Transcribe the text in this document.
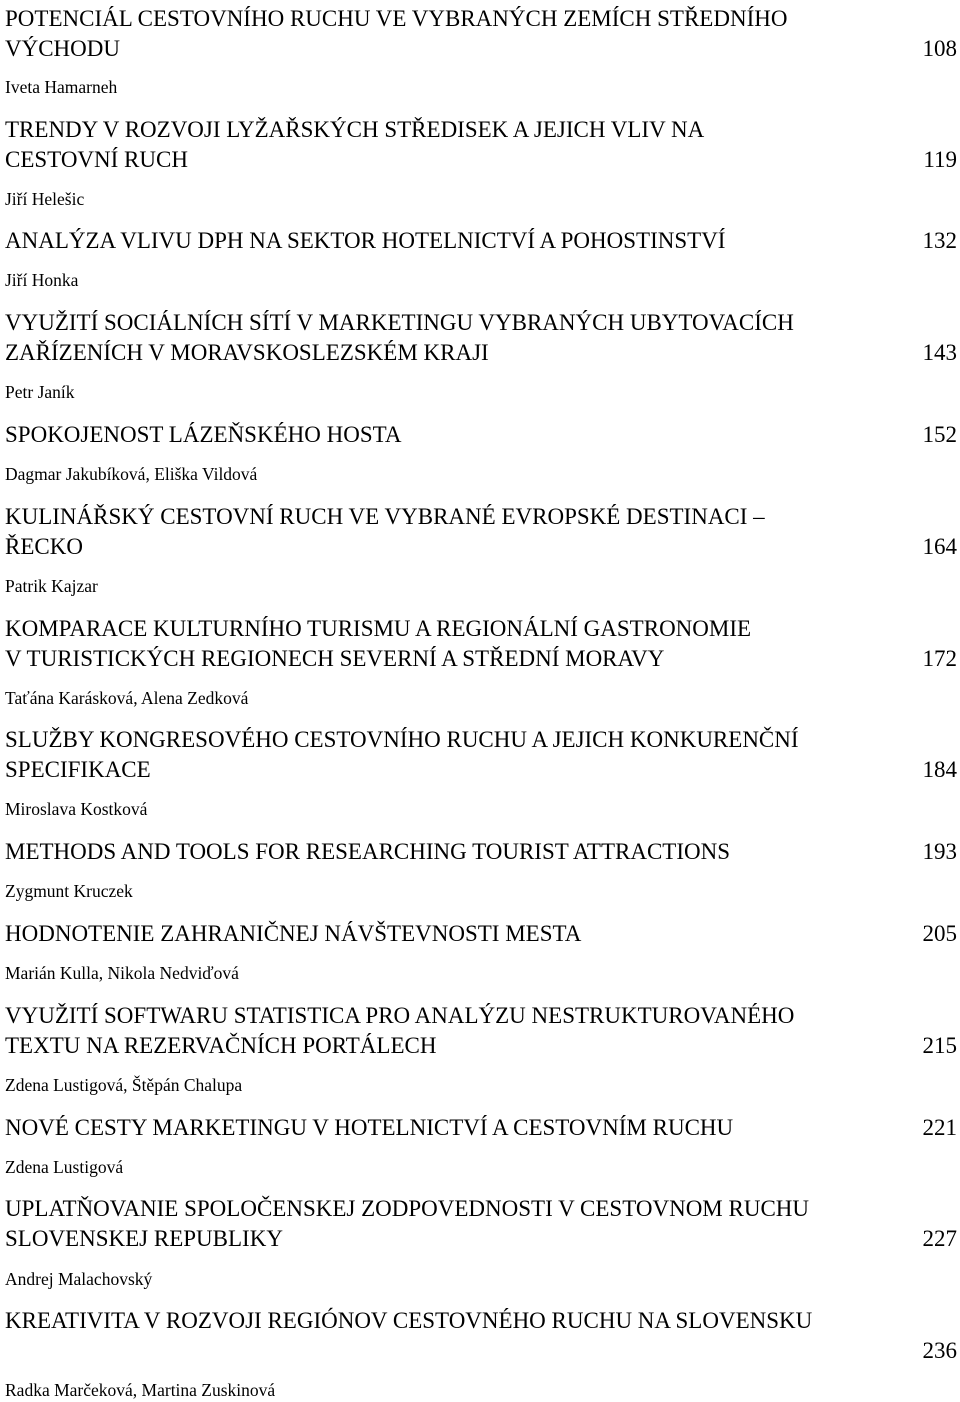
POTENCIÁL CESTOVNÍHO RUCHU VE VYBRANÝCH ZEMÍCH STŘEDNÍHO
VÝCHODU	108
Iveta Hamarneh
TRENDY V ROZVOJI LYŽAŘSKÝCH STŘEDISEK A JEJICH VLIV NA
CESTOVNÍ RUCH	119
Jiří Helešic
ANALÝZA VLIVU DPH NA SEKTOR HOTELNICTVÍ A POHOSTINSTVÍ	132
Jiří Honka
VYUŽITÍ SOCIÁLNÍCH SÍTÍ V MARKETINGU VYBRANÝCH UBYTOVACÍCH
ZAŘÍZENÍCH V MORAVSKOSLEZSKÉM KRAJI	143
Petr Janík
SPOKOJENOST LÁZEŇSKÉHO HOSTA	152
Dagmar Jakubíková, Eliška Vildová
KULINÁŘSKÝ CESTOVNÍ RUCH VE VYBRANÉ EVROPSKÉ DESTINACI –
ŘECKO	164
Patrik Kajzar
KOMPARACE KULTURNÍHO TURISMU A REGIONÁLNÍ GASTRONOMIE
V TURISTICKÝCH REGIONECH SEVERNÍ A STŘEDNÍ MORAVY	172
Taťána Karásková, Alena Zedková
SLUŽBY KONGRESOVÉHO CESTOVNÍHO RUCHU A JEJICH KONKURENČNÍ
SPECIFIKACE	184
Miroslava Kostková
METHODS AND TOOLS FOR RESEARCHING TOURIST ATTRACTIONS	193
Zygmunt Kruczek
HODNOTENIE ZAHRANIČNEJ NÁVŠTEVNOSTI MESTA	205
Marián Kulla, Nikola Nedviďová
VYUŽITÍ SOFTWARU STATISTICA PRO ANALÝZU NESTRUKTUROVANÉHO
TEXTU NA REZERVAČNÍCH PORTÁLECH	215
Zdena Lustigová, Štěpán Chalupa
NOVÉ CESTY MARKETINGU V HOTELNICTVÍ A CESTOVNÍM RUCHU	221
Zdena Lustigová
UPLATŇOVANIE SPOLOČENSKEJ ZODPOVEDNOSTI V CESTOVNOM RUCHU
SLOVENSKEJ REPUBLIKY	227
Andrej Malachovský
KREATIVITA V ROZVOJI REGIÓNOV CESTOVNÉHO RUCHU NA SLOVENSKU
236
Radka Marčeková, Martina Zuskinová
